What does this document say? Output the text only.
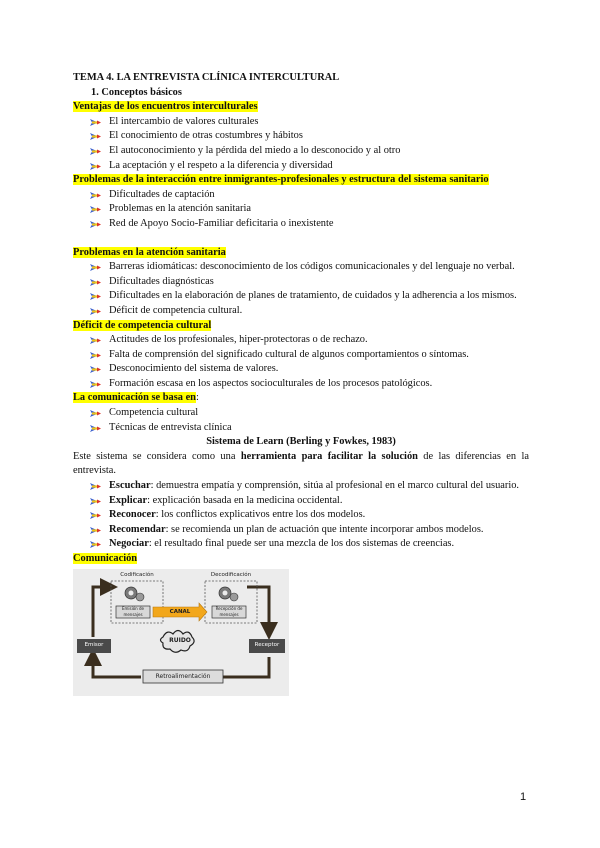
TEMA 4. LA ENTREVISTA CLÍNICA INTERCULTURAL

1. Conceptos básicos

Ventajas de los encuentros interculturales

El intercambio de valores culturales
El conocimiento de otras costumbres y hábitos
El autoconocimiento y la pérdida del miedo a lo desconocido y al otro
La aceptación y el respeto a la diferencia y diversidad

Problemas de la interacción entre inmigrantes-profesionales y estructura del sistema sanitario

Dificultades de captación
Problemas en la atención sanitaria
Red de Apoyo Socio-Familiar deficitaria o inexistente

Problemas en la atención sanitaria

Barreras idiomáticas: desconocimiento de los códigos comunicacionales y del lenguaje no verbal.
Dificultades diagnósticas
Dificultades en la elaboración de planes de tratamiento, de cuidados y la adherencia a los mismos.
Déficit de competencia cultural.

Déficit de competencia cultural

Actitudes de los profesionales, hiper-protectoras o de rechazo.
Falta de comprensión del significado cultural de algunos comportamientos o síntomas.
Desconocimiento del sistema de valores.
Formación escasa en los aspectos socioculturales de los procesos patológicos.

La comunicación se basa en:

Competencia cultural
Técnicas de entrevista clínica

Sistema de Learn (Berling y Fowkes, 1983)

Este sistema se considera como una herramienta para facilitar la solución de las diferencias en la entrevista.

Escuchar: demuestra empatía y comprensión, sitúa al profesional en el marco cultural del usuario.
Explicar: explicación basada en la medicina occidental.
Reconocer: los conflictos explicativos entre los dos modelos.
Recomendar: se recomienda un plan de actuación que intente incorporar ambos modelos.
Negociar: el resultado final puede ser una mezcla de los dos sistemas de creencias.

Comunicación

Codificación	Decodificación
Emisión de mensajes
Recepción de mensajes
CANAL
RUIDO
Emisor	Receptor
Retroalimentación
1
